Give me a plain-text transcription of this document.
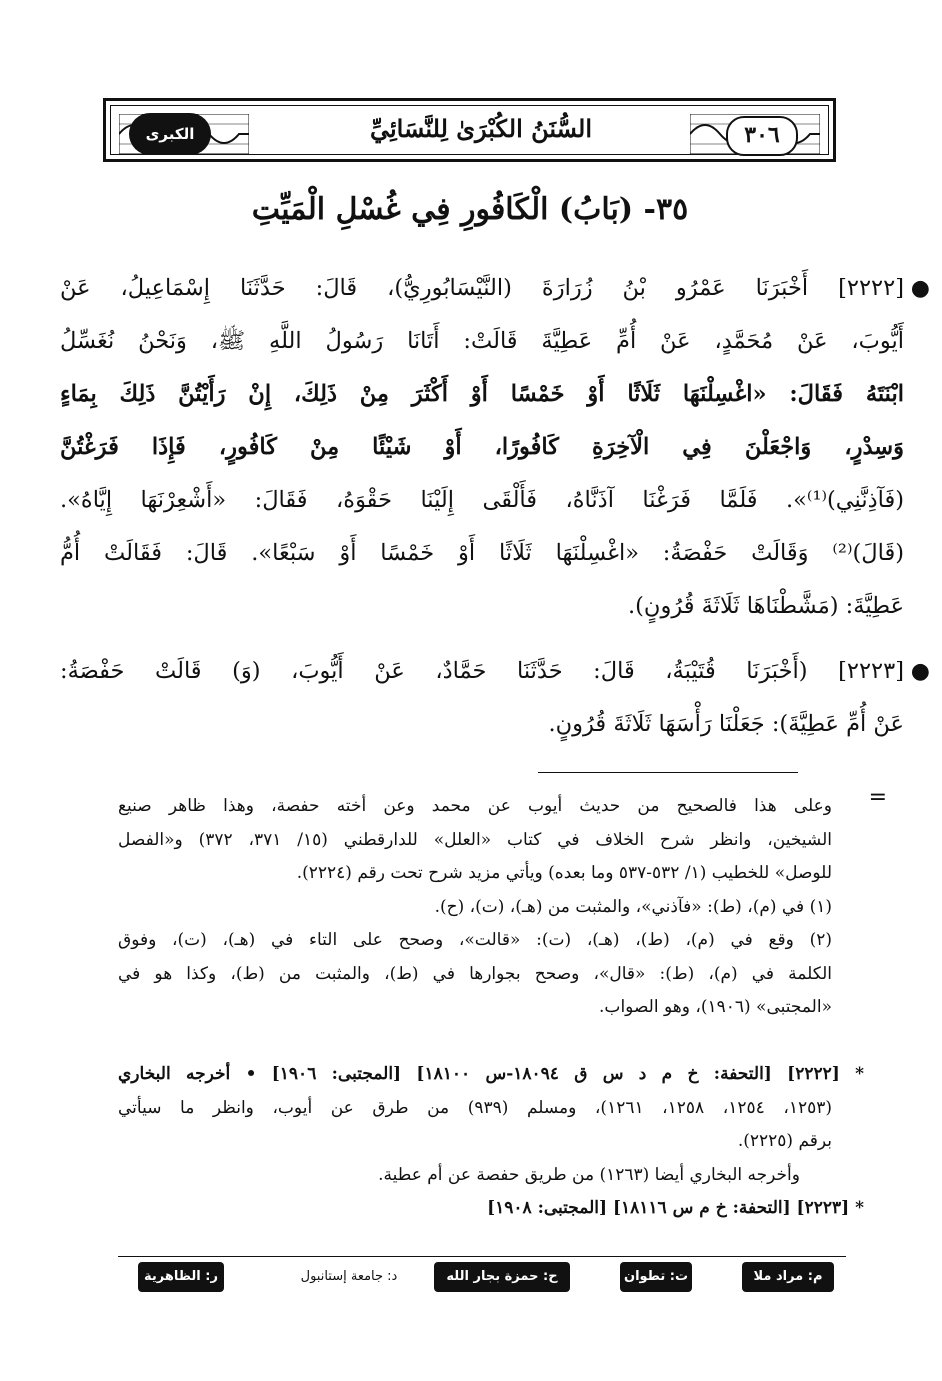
الكبرى	٣٠٦
السُّنَنُ الكُبْرَىٰ لِلنَّسَائِيِّ
٣٥- (بَابُ) الْكَافُورِ فِي غُسْلِ الْمَيِّتِ
●
[٢٢٢٢] أَخْبَرَنَا عَمْرُو بْنُ زُرَارَةَ (النَّيْسَابُورِيُّ)، قَالَ: حَدَّثَنَا إِسْمَاعِيلُ، عَنْ
أَيُّوبَ، عَنْ مُحَمَّدٍ، عَنْ أُمِّ عَطِيَّةَ قَالَتْ: أَتَانَا رَسُولُ اللَّهِ ﷺ، وَنَحْنُ نُغَسِّلُ
ابْنَتَهُ فَقَالَ: «اغْسِلْنَهَا ثَلَاثًا أَوْ خَمْسًا أَوْ أَكْثَرَ مِنْ ذَلِكَ، إِنْ رَأَيْتُنَّ ذَلِكَ بِمَاءٍ
وَسِدْرٍ، وَاجْعَلْنَ فِي الْآخِرَةِ كَافُورًا، أَوْ شَيْئًا مِنْ كَافُورٍ، فَإِذَا فَرَغْتُنَّ
(فَآذِنَّنِي)⁽¹⁾». فَلَمَّا فَرَغْنَا آذَنَّاهُ، فَأَلْقَى إِلَيْنَا حَقْوَهُ، فَقَالَ: «أَشْعِرْنَهَا إِيَّاهُ».
(قَالَ)⁽²⁾ وَقَالَتْ حَفْصَةُ: «اغْسِلْنَهَا ثَلَاثًا أَوْ خَمْسًا أَوْ سَبْعًا». قَالَ: فَقَالَتْ أُمُّ
عَطِيَّةَ: (مَشَّطْنَاهَا ثَلَاثَةَ قُرُونٍ).
●
[٢٢٢٣] (أَخْبَرَنَا قُتَيْبَةُ، قَالَ: حَدَّثَنَا حَمَّادٌ، عَنْ أَيُّوبَ، (وَ) قَالَتْ حَفْصَةُ:
عَنْ أُمِّ عَطِيَّةَ): جَعَلْنَا رَأْسَهَا ثَلَاثَةَ قُرُونٍ.
=
وعلى هذا فالصحيح من حديث أيوب عن محمد وعن أخته حفصة، وهذا ظاهر صنيع
الشيخين، وانظر شرح الخلاف في كتاب «العلل» للدارقطني (١٥/ ٣٧١، ٣٧٢) و«الفصل
للوصل» للخطيب (١/ ٥٣٢-٥٣٧ وما بعده) ويأتي مزيد شرح تحت رقم (٢٢٢٤).
(١) في (م)، (ط): «فآذني»، والمثبت من (هـ)، (ت)، (ح).
(٢) وقع في (م)، (ط)، (هـ)، (ت): «قالت»، وصحح على التاء في (هـ)، (ت)، وفوق
الكلمة في (م)، (ط): «قال»، وصحح بجوارها في (ط)، والمثبت من (ط)، وكذا هو في
«المجتبى» (١٩٠٦)، وهو الصواب.
* [٢٢٢٢] [التحفة: خ م د س ق ١٨٠٩٤-س ١٨١٠٠] [المجتبى: ١٩٠٦] • أخرجه البخاري
(١٢٥٣، ١٢٥٤، ١٢٥٨، ١٢٦١)، ومسلم (٩٣٩) من طرق عن أيوب، وانظر ما سيأتي
برقم (٢٢٢٥).
وأخرجه البخاري أيضا (١٢٦٣) من طريق حفصة عن أم عطية.
* [٢٢٢٣] [التحفة: خ م س ١٨١١٦] [المجتبى: ١٩٠٨]
م: مراد ملا
ت: تطوان
ح: حمزة بجار الله
د: جامعة إستانبول
ر: الظاهرية
